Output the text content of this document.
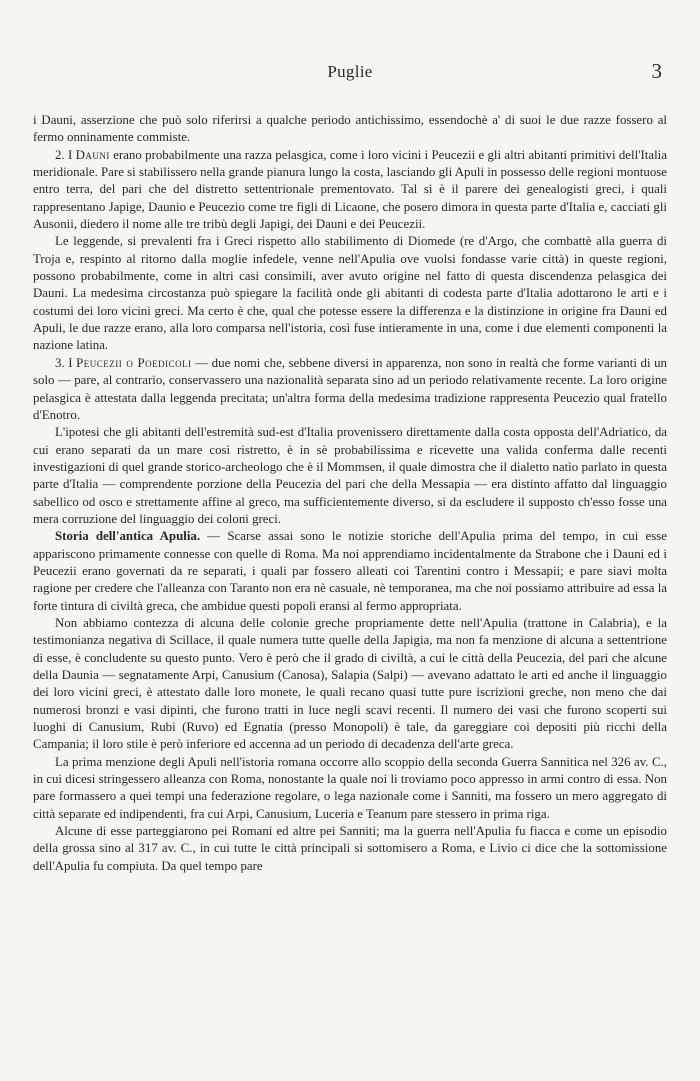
Puglie	3

i Dauni, asserzione che può solo riferirsi a qualche periodo antichissimo, essendochè a' di suoi le due razze fossero al fermo onninamente commiste.

2. I Dauni erano probabilmente una razza pelasgica, come i loro vicini i Peucezii e gli altri abitanti primitivi dell'Italia meridionale. Pare si stabilissero nella grande pianura lungo la costa, lasciando gli Apuli in possesso delle regioni montuose entro terra, del pari che del distretto settentrionale prementovato. Tal si è il parere dei genealogisti greci, i quali rappresentano Japige, Daunio e Peucezio come tre figli di Licaone, che posero dimora in questa parte d'Italia e, cacciati gli Ausonii, diedero il nome alle tre tribù degli Japigi, dei Dauni e dei Peucezii.

Le leggende, si prevalenti fra i Greci rispetto allo stabilimento di Diomede (re d'Argo, che combattè alla guerra di Troja e, respinto al ritorno dalla moglie infedele, venne nell'Apulia ove vuolsi fondasse varie città) in queste regioni, possono probabilmente, come in altri casi consimili, aver avuto origine nel fatto di questa discendenza pelasgica dei Dauni. La medesima circostanza può spiegare la facilità onde gli abitanti di codesta parte d'Italia adottarono le arti e i costumi dei loro vicini greci. Ma certo è che, qual che potesse essere la differenza e la distinzione in origine fra Dauni ed Apuli, le due razze erano, alla loro comparsa nell'istoria, così fuse intieramente in una, come i due elementi componenti la nazione latina.

3. I Peucezii o Poedicoli — due nomi che, sebbene diversi in apparenza, non sono in realtà che forme varianti di un solo — pare, al contrario, conservassero una nazionalità separata sino ad un periodo relativamente recente. La loro origine pelasgica è attestata dalla leggenda precitata; un'altra forma della medesima tradizione rappresenta Peucezio qual fratello d'Enotro.

L'ipotesi che gli abitanti dell'estremità sud-est d'Italia provenissero direttamente dalla costa opposta dell'Adriatico, da cui erano separati da un mare così ristretto, è in sè probabilissima e ricevette una valida conferma dalle recenti investigazioni di quel grande storico-archeologo che è il Mommsen, il quale dimostra che il dialetto natìo parlato in questa parte d'Italia — comprendente porzione della Peucezia del pari che della Messapia — era distinto affatto dal linguaggio sabellico od osco e strettamente affine al greco, ma sufficientemente diverso, si da escludere il supposto ch'esso fosse una mera corruzione del linguaggio dei coloni greci.

Storia dell'antica Apulia. — Scarse assai sono le notizie storiche dell'Apulia prima del tempo, in cui esse appariscono primamente connesse con quelle di Roma. Ma noi apprendiamo incidentalmente da Strabone che i Dauni ed i Peucezii erano governati da re separati, i quali par fossero alleati coi Tarentini contro i Messapii; e pare siavi molta ragione per credere che l'alleanza con Taranto non era nè casuale, nè temporanea, ma che noi possiamo attribuire ad essa la forte tintura di civiltà greca, che ambidue questi popoli eransi al fermo appropriata.

Non abbiamo contezza di alcuna delle colonie greche propriamente dette nell'Apulia (trattone in Calabria), e la testimonianza negativa di Scillace, il quale numera tutte quelle della Japigia, ma non fa menzione di alcuna a settentrione di esse, è concludente su questo punto. Vero è però che il grado di civiltà, a cui le città della Peucezia, del pari che alcune della Daunia — segnatamente Arpi, Canusium (Canosa), Salapia (Salpi) — avevano adattato le arti ed anche il linguaggio dei loro vicini greci, è attestato dalle loro monete, le quali recano quasi tutte pure iscrizioni greche, non meno che dai numerosi bronzi e vasi dipinti, che furono tratti in luce negli scavi recenti. Il numero dei vasi che furono scoperti sui luoghi di Canusium, Rubi (Ruvo) ed Egnatia (presso Monopoli) è tale, da gareggiare coi depositi più ricchi della Campania; il loro stile è però inferiore ed accenna ad un periodo di decadenza dell'arte greca.

La prima menzione degli Apuli nell'istoria romana occorre allo scoppio della seconda Guerra Sannitica nel 326 av. C., in cui dicesi stringessero alleanza con Roma, nonostante la quale noi li troviamo poco appresso in armi contro di essa. Non pare formassero a quei tempi una federazione regolare, o lega nazionale come i Sanniti, ma fossero un mero aggregato di città separate ed indipendenti, fra cui Arpi, Canusium, Luceria e Teanum pare stessero in prima riga.

Alcune di esse parteggiarono pei Romani ed altre pei Sanniti; ma la guerra nell'Apulia fu fiacca e come un episodio della grossa sino al 317 av. C., in cui tutte le città principali si sottomisero a Roma, e Livio ci dice che la sottomissione dell'Apulia fu compiuta. Da quel tempo pare
